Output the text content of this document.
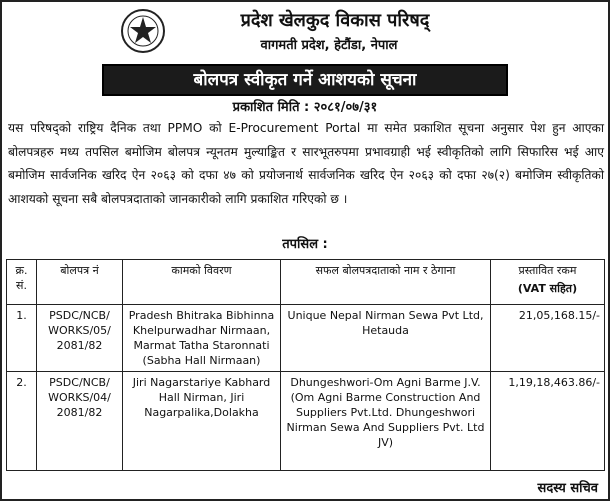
प्रदेश खेलकुद विकास परिषद्
वागमती प्रदेश, हेटौंडा, नेपाल
बोलपत्र स्वीकृत गर्ने आशयको सूचना
प्रकाशित मिति : २०८१/०७/३१
यस परिषद्को राष्ट्रिय दैनिक तथा PPMO को E-Procurement Portal मा समेत प्रकाशित सूचना अनुसार पेश हुन आएका बोलपत्रहरु मध्य तपसिल बमोजिम बोलपत्र न्यूनतम मुल्याङ्कित र सारभूतरुपमा प्रभावग्राही भई स्वीकृतिको लागि सिफारिस भई आए बमोजिम सार्वजनिक खरिद ऐन २०६३ को दफा ४७ को प्रयोजनार्थ सार्वजनिक खरिद ऐन २०६३ को दफा २७(२) बमोजिम स्वीकृतिको आशयको सूचना सबै बोलपत्रदाताको जानकारीको लागि प्रकाशित गरिएको छ ।
तपसिल :
क्र. सं.	बोलपत्र नं	कामको विवरण	सफल बोलपत्रदाताको नाम र ठेगाना	प्रस्तावित रकम
(VAT सहित)

1.	PSDC/NCB/ WORKS/05/ 2081/82	Pradesh Bhitraka Bibhinna Khelpurwadhar Nirmaan, Marmat Tatha Staronnati (Sabha Hall Nirmaan)	Unique Nepal Nirman Sewa Pvt Ltd, Hetauda	21,05,168.15/-
2.	PSDC/NCB/ WORKS/04/ 2081/82	Jiri Nagarstariye Kabhard Hall Nirman, Jiri Nagarpalika,Dolakha	Dhungeshwori-Om Agni Barme J.V. (Om Agni Barme Construction And Suppliers Pvt.Ltd. Dhungeshwori Nirman Sewa And Suppliers Pvt. Ltd JV)	1,19,18,463.86/-
सदस्य सचिव
